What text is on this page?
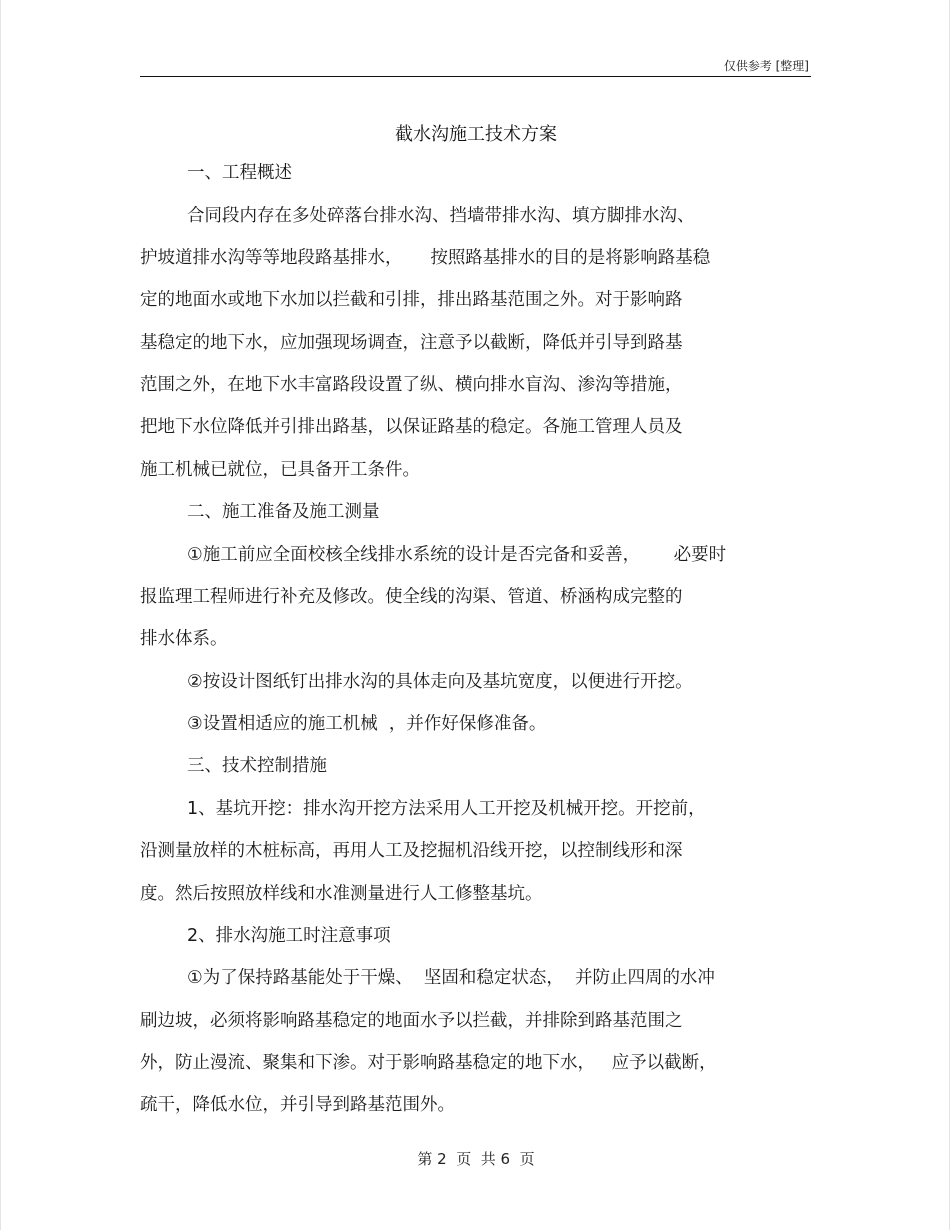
仅供参考 [整理]
截水沟施工技术方案
一、工程概述
合同段内存在多处碎落台排水沟、挡墙带排水沟、填方脚排水沟、
护坡道排水沟等等地段路基排水，     按照路基排水的目的是将影响路基稳
定的地面水或地下水加以拦截和引排，排出路基范围之外。对于影响路
基稳定的地下水，应加强现场调查，注意予以截断，降低并引导到路基
范围之外，在地下水丰富路段设置了纵、横向排水盲沟、渗沟等措施，
把地下水位降低并引排出路基，以保证路基的稳定。各施工管理人员及
施工机械已就位，已具备开工条件。
二、施工准备及施工测量
①施工前应全面校核全线排水系统的设计是否完备和妥善，      必要时
报监理工程师进行补充及修改。使全线的沟渠、管道、桥涵构成完整的
排水体系。
②按设计图纸钉出排水沟的具体走向及基坑宽度，以便进行开挖。
③设置相适应的施工机械  ，并作好保修准备。
三、技术控制措施
1、基坑开挖：排水沟开挖方法采用人工开挖及机械开挖。开挖前，
沿测量放样的木桩标高，再用人工及挖掘机沿线开挖，以控制线形和深
度。然后按照放样线和水准测量进行人工修整基坑。
2、排水沟施工时注意事项
①为了保持路基能处于干燥、  坚固和稳定状态，  并防止四周的水冲
刷边坡，必须将影响路基稳定的地面水予以拦截，并排除到路基范围之
外，防止漫流、聚集和下渗。对于影响路基稳定的地下水，   应予以截断，
疏干，降低水位，并引导到路基范围外。
第 2  页  共 6  页
